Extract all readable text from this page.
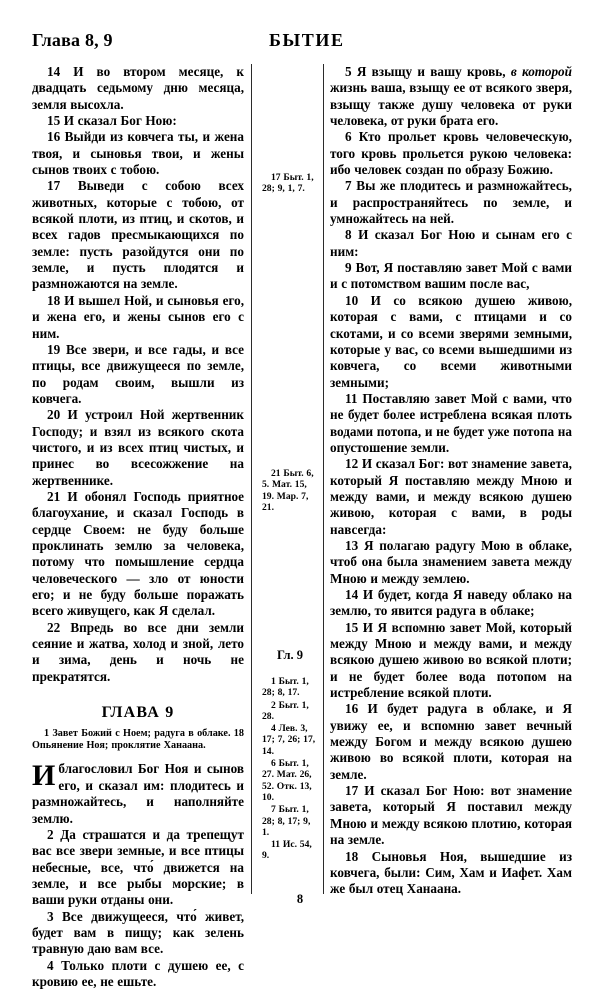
Глава 8, 9	БЫТИЕ

14 И во втором месяце, к двадцать седьмому дню месяца, земля высохла.

15 И сказал Бог Ною:

16 Выйди из ковчега ты, и жена твоя, и сыновья твои, и жены сынов твоих с тобою.

17 Выведи с собою всех животных, которые с тобою, от всякой плоти, из птиц, и скотов, и всех гадов пресмыкающихся по земле: пусть разойдутся они по земле, и пусть плодятся и размножаются на земле.

18 И вышел Ной, и сыновья его, и жена его, и жены сынов его с ним.

19 Все звери, и все гады, и все птицы, все движущееся по земле, по родам своим, вышли из ковчега.

20 И устроил Ной жертвенник Господу; и взял из всякого скота чистого, и из всех птиц чистых, и принес во всесожжение на жертвеннике.

21 И обонял Господь приятное благоухание, и сказал Господь в сердце Своем: не буду больше проклинать землю за человека, потому что помышление сердца человеческого — зло от юности его; и не буду больше поражать всего живущего, как Я сделал.

22 Впредь во все дни земли сеяние и жатва, холод и зной, лето и зима, день и ночь не прекратятся.

ГЛАВА 9
1 Завет Божий с Ноем; радуга в облаке. 18 Опьянение Ноя; проклятие Ханаана.

Иблагословил Бог Ноя и сынов его, и сказал им: плодитесь и размножайтесь, и наполняйте землю.

2 Да страшатся и да трепещут вас все звери земные, и все птицы небесные, все, что́ движется на земле, и все рыбы морские; в ваши руки отданы они.

3 Все движущееся, что́ живет, будет вам в пищу; как зелень травную даю вам все.

4 Только плоти с душею ее, с кровию ее, не ешьте.

17 Быт. 1, 28; 9, 1, 7.
21 Быт. 6, 5. Мат. 15, 19. Мар. 7, 21.
Гл. 9
1 Быт. 1, 28; 8, 17.
2 Быт. 1, 28.
4 Лев. 3, 17; 7, 26; 17, 14.
6 Быт. 1, 27. Мат. 26, 52. Отк. 13, 10.
7 Быт. 1, 28; 8, 17; 9, 1.
11 Ис. 54, 9.

5 Я взыщу и вашу кровь, в которой жизнь ваша, взыщу ее от всякого зверя, взыщу также душу человека от руки человека, от руки брата его.

6 Кто прольет кровь человеческую, того кровь прольется рукою человека: ибо человек создан по образу Божию.

7 Вы же плодитесь и размножайтесь, и распространяйтесь по земле, и умножайтесь на ней.

8 И сказал Бог Ною и сынам его с ним:

9 Вот, Я поставляю завет Мой с вами и с потомством вашим после вас,

10 И со всякою душею живою, которая с вами, с птицами и со скотами, и со всеми зверями земными, которые у вас, со всеми вышедшими из ковчега, со всеми животными земными;

11 Поставляю завет Мой с вами, что не будет более истреблена всякая плоть водами потопа, и не будет уже потопа на опустошение земли.

12 И сказал Бог: вот знамение завета, который Я поставляю между Мною и между вами, и между всякою душею живою, которая с вами, в роды навсегда:

13 Я полагаю радугу Мою в облаке, чтоб она была знамением завета между Мною и между землею.

14 И будет, когда Я наведу облако на землю, то явится радуга в облаке;

15 И Я вспомню завет Мой, который между Мною и между вами, и между всякою душею живою во всякой плоти; и не будет более вода потопом на истребление всякой плоти.

16 И будет радуга в облаке, и Я увижу ее, и вспомню завет вечный между Богом и между всякою душею живою во всякой плоти, которая на земле.

17 И сказал Бог Ною: вот знамение завета, который Я поставил между Мною и между всякою плотию, которая на земле.

18 Сыновья Ноя, вышедшие из ковчега, были: Сим, Хам и Иафет. Хам же был отец Ханаана.

8
